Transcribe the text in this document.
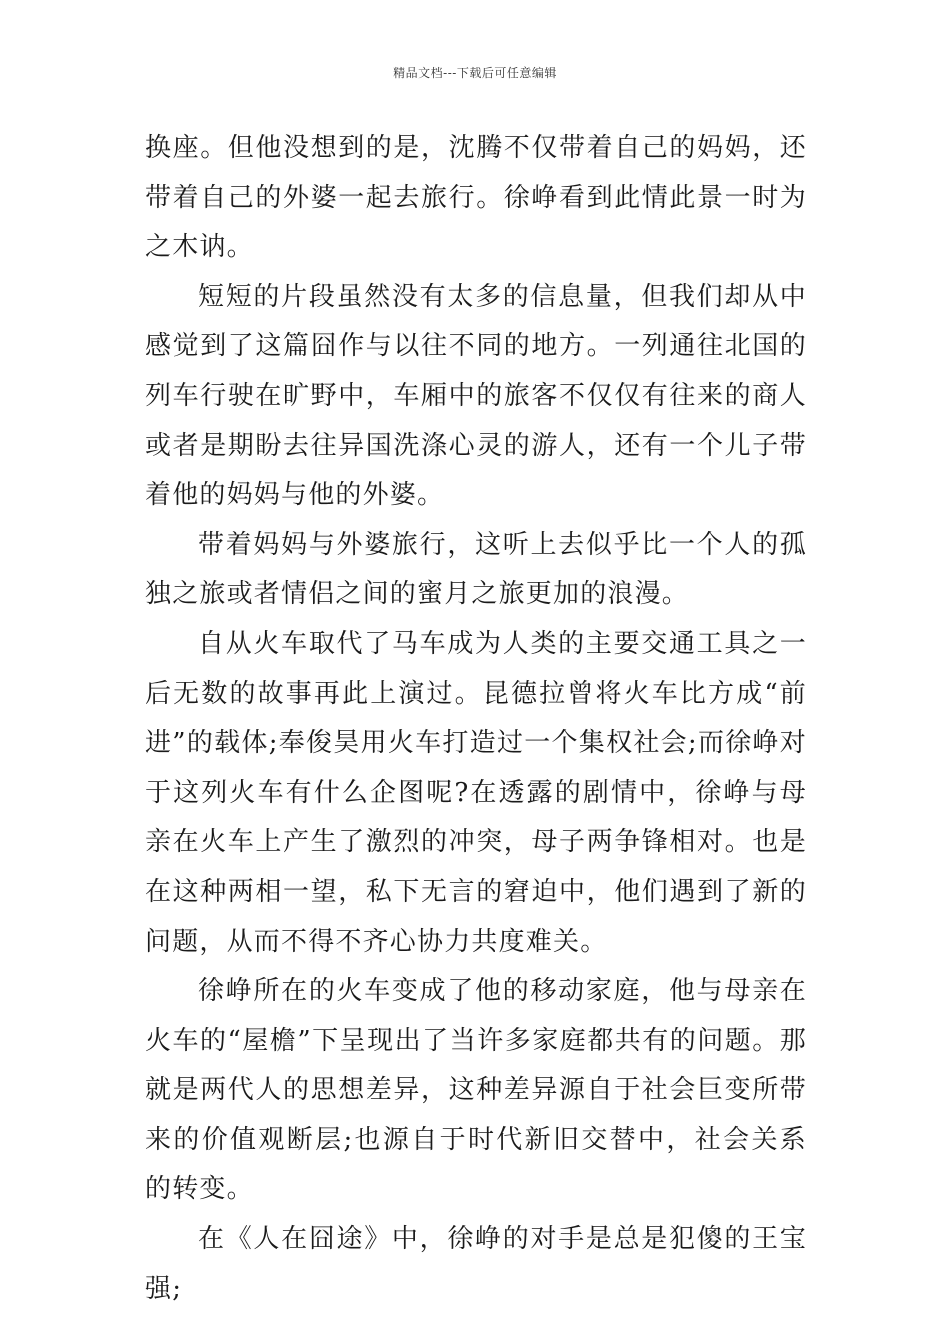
精品文档---下载后可任意编辑

换座。但他没想到的是，沈腾不仅带着自己的妈妈，还带着自己的外婆一起去旅行。徐峥看到此情此景一时为之木讷。

短短的片段虽然没有太多的信息量，但我们却从中感觉到了这篇囧作与以往不同的地方。一列通往北国的列车行驶在旷野中，车厢中的旅客不仅仅有往来的商人或者是期盼去往异国洗涤心灵的游人，还有一个儿子带着他的妈妈与他的外婆。

带着妈妈与外婆旅行，这听上去似乎比一个人的孤独之旅或者情侣之间的蜜月之旅更加的浪漫。

自从火车取代了马车成为人类的主要交通工具之一后无数的故事再此上演过。昆德拉曾将火车比方成“前进”的载体;奉俊昊用火车打造过一个集权社会;而徐峥对于这列火车有什么企图呢?在透露的剧情中，徐峥与母亲在火车上产生了激烈的冲突，母子两争锋相对。也是在这种两相一望，私下无言的窘迫中，他们遇到了新的问题，从而不得不齐心协力共度难关。

徐峥所在的火车变成了他的移动家庭，他与母亲在火车的“屋檐”下呈现出了当许多家庭都共有的问题。那就是两代人的思想差异，这种差异源自于社会巨变所带来的价值观断层;也源自于时代新旧交替中，社会关系的转变。

在《人在囧途》中，徐峥的对手是总是犯傻的王宝强;
